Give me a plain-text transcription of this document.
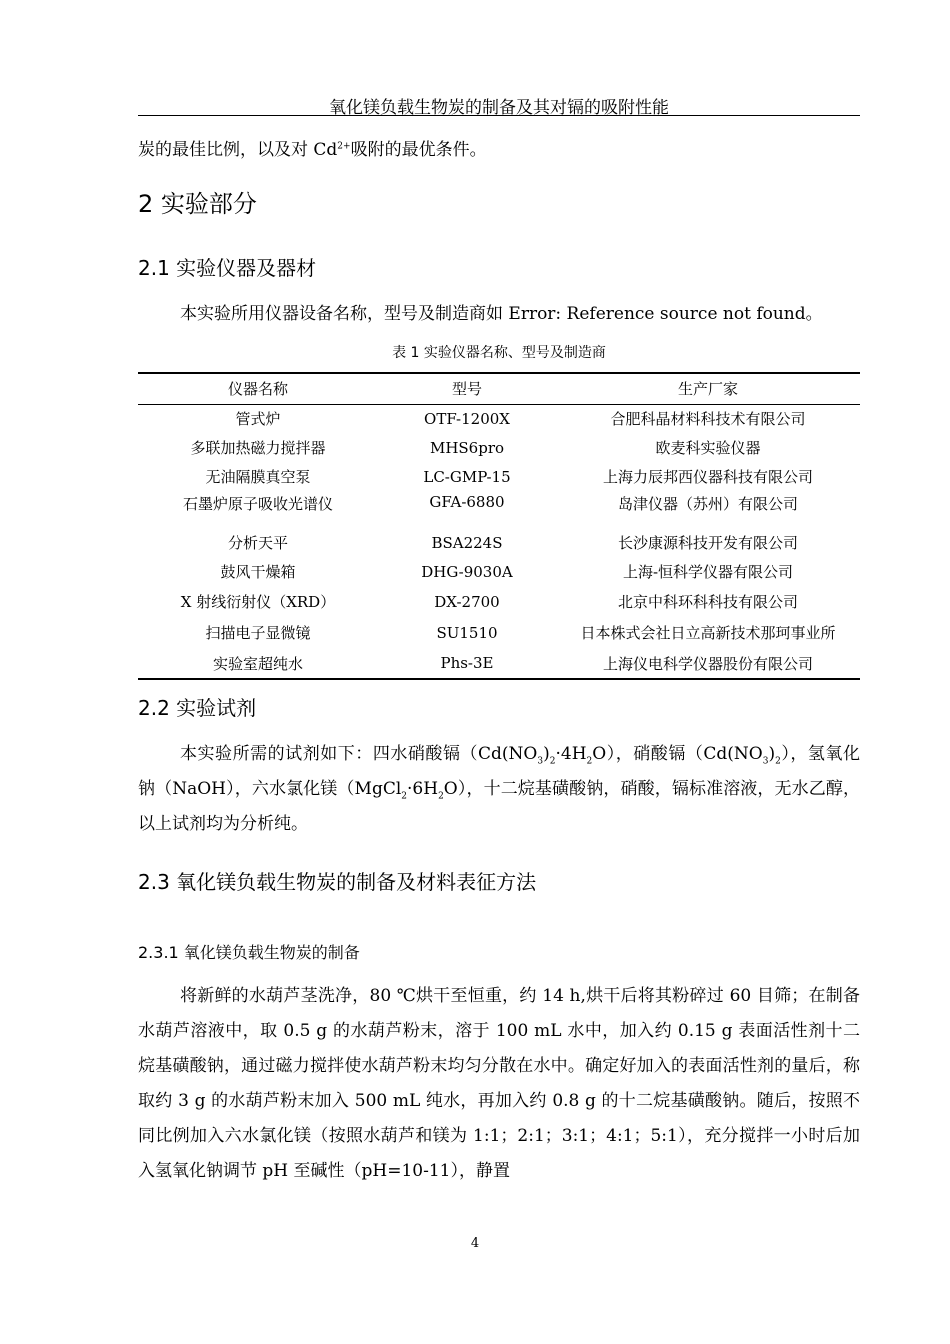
氧化镁负载生物炭的制备及其对镉的吸附性能
炭的最佳比例，以及对 $Cd^{2+}$吸附的最优条件。
2 实验部分
2.1 实验仪器及器材
本实验所用仪器设备名称，型号及制造商如 Error: Reference source not found。
表 1 实验仪器名称、型号及制造商
仪器名称	型号	生产厂家
管式炉	OTF-1200X	合肥科晶材料科技术有限公司
多联加热磁力搅拌器	MHS6pro	欧麦科实验仪器
无油隔膜真空泵	LC-GMP-15	上海力辰邦西仪器科技有限公司
石墨炉原子吸收光谱仪	GFA-6880	岛津仪器（苏州）有限公司
分析天平	BSA224S	长沙康源科技开发有限公司
鼓风干燥箱	DHG-9030A	上海-恒科学仪器有限公司
X 射线衍射仪（XRD）	DX-2700	北京中科环科科技有限公司
扫描电子显微镜	SU1510	日本株式会社日立高新技术那珂事业所
实验室超纯水	Phs-3E	上海仪电科学仪器股份有限公司
2.2 实验试剂
本实验所需的试剂如下：四水硝酸镉$(Cd(NO_3)_2\cdot 4H_2O)$，硝酸镉$(Cd(NO_3)_2)$，氢氧化钠（NaOH），六水氯化镁$(MgCl_2\cdot 6H_2O)$，十二烷基磺酸钠，硝酸，镉标准溶液，无水乙醇，以上试剂均为分析纯。
2.3 氧化镁负载生物炭的制备及材料表征方法
2.3.1 氧化镁负载生物炭的制备
将新鲜的水葫芦茎洗净，80 ℃烘干至恒重，约 14 h,烘干后将其粉碎过 60 目筛；在制备水葫芦溶液中，取 0.5 g 的水葫芦粉末，溶于 100 mL 水中，加入约 0.15 g 表面活性剂十二烷基磺酸钠，通过磁力搅拌使水葫芦粉末均匀分散在水中。确定好加入的表面活性剂的量后，称取约 3 g 的水葫芦粉末加入 500 mL 纯水，再加入约 0.8 g 的十二烷基磺酸钠。随后，按照不同比例加入六水氯化镁（按照水葫芦和镁为 1:1；2:1；3:1；4:1；5:1），充分搅拌一小时后加入氢氧化钠调节 pH 至碱性（pH=10-11），静置
4
